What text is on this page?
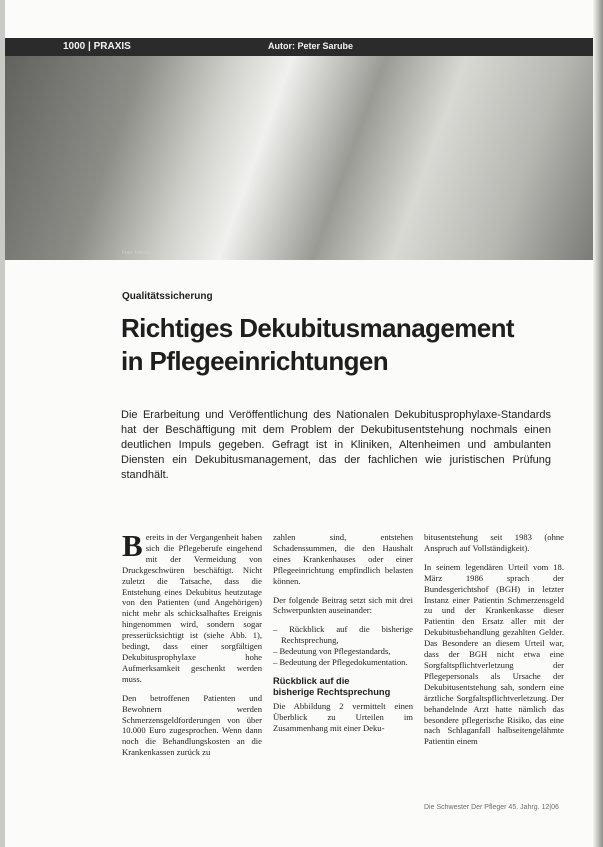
1000 | PRAXIS	Autor: Peter Sarube
Foto: Fotolia
Qualitätssicherung
Richtiges Dekubitusmanagement
in Pflegeeinrichtungen

Die Erarbeitung und Veröffentlichung des Nationalen Dekubitusprophylaxe-Standards hat der Beschäftigung mit dem Problem der Dekubitusentstehung nochmals einen deutlichen Impuls gegeben. Gefragt ist in Kliniken, Altenheimen und ambulanten Diensten ein Dekubitusmanagement, das der fachlichen wie juristischen Prüfung standhält.

B ereits in der Vergangenheit haben sich die Pflegeberufe eingehend mit der Vermeidung von Druckgeschwüren beschäftigt. Nicht zuletzt die Tatsache, dass die Entstehung eines Dekubitus heutzutage von den Patienten (und Angehörigen) nicht mehr als schicksalhaftes Ereignis hingenommen wird, sondern sogar presserücksichtigt ist (siehe Abb. 1), bedingt, dass einer sorgfältigen Dekubitusprophylaxe hohe Aufmerksamkeit geschenkt werden muss.

Den betroffenen Patienten und Bewohnern werden Schmerzensgeldforderungen von über 10.000 Euro zugesprochen. Wenn dann noch die Behandlungskosten an die Krankenkassen zurück zu

zahlen sind, entstehen Schadenssummen, die den Haushalt eines Krankenhauses oder einer Pflegeeinrichtung empfindlich belasten können.

Der folgende Beitrag setzt sich mit drei Schwerpunkten auseinander:

– Rückblick auf die bisherige Rechtsprechung,
– Bedeutung von Pflegestandards,
– Bedeutung der Pflegedokumentation.
Rückblick auf die
bisherige Rechtsprechung

Die Abbildung 2 vermittelt einen Überblick zu Urteilen im Zusammenhang mit einer Deku-

bitusentstehung seit 1983 (ohne Anspruch auf Vollständigkeit).

In seinem legendären Urteil vom 18. März 1986 sprach der Bundesgerichtshof (BGH) in letzter Instanz einer Patientin Schmerzensgeld zu und der Krankenkasse dieser Patientin den Ersatz aller mit der Dekubitusbehandlung gezahlten Gelder. Das Besondere an diesem Urteil war, dass der BGH nicht etwa eine Sorgfaltspflichtverletzung der Pflegepersonals als Ursache der Dekubitusentstehung sah, sondern eine ärztliche Sorgfaltspflichtverletzung. Der behandelnde Arzt hatte nämlich das besondere pflegerische Risiko, das eine nach Schlaganfall halbseitengelähmte Patientin einem

Die Schwester Der Pfleger 45. Jahrg. 12|06
